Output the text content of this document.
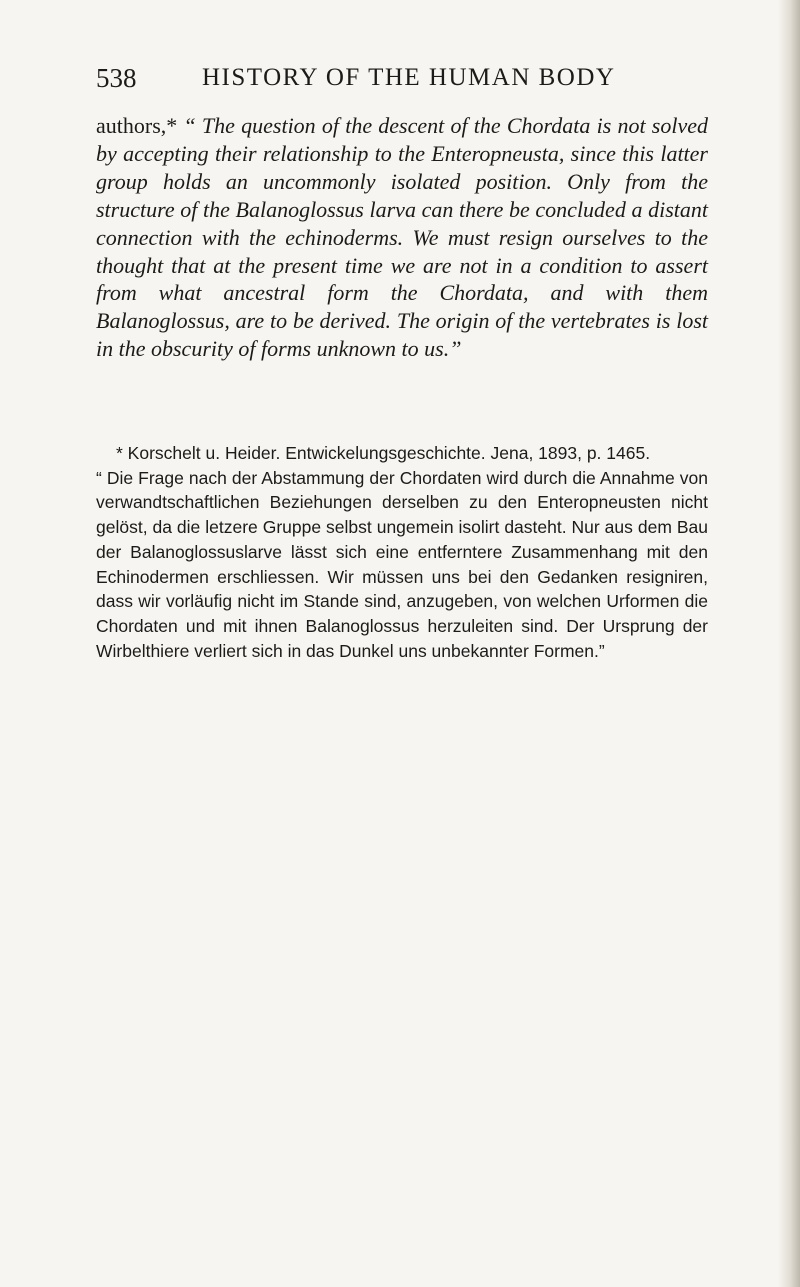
538	HISTORY OF THE HUMAN BODY

authors,* “ The question of the descent of the Chordata is not solved by accepting their relationship to the Enteropneusta, since this latter group holds an uncommonly isolated position. Only from the structure of the Balanoglossus larva can there be concluded a distant connection with the echinoderms. We must resign ourselves to the thought that at the present time we are not in a condition to assert from what ancestral form the Chordata, and with them Balanoglossus, are to be derived. The origin of the vertebrates is lost in the obscurity of forms unknown to us.”

* Korschelt u. Heider. Entwickelungsgeschichte. Jena, 1893, p. 1465.
“ Die Frage nach der Abstammung der Chordaten wird durch die Annahme von verwandtschaftlichen Beziehungen derselben zu den Enteropneusten nicht gelöst, da die letzere Gruppe selbst ungemein isolirt dasteht. Nur aus dem Bau der Balanoglossuslarve lässt sich eine entferntere Zusammenhang mit den Echinodermen erschliessen. Wir müssen uns bei den Gedanken resigniren, dass wir vorläufig nicht im Stande sind, anzugeben, von welchen Urformen die Chordaten und mit ihnen Balanoglossus herzuleiten sind. Der Ursprung der Wirbelthiere verliert sich in das Dunkel uns unbekannter Formen.”
